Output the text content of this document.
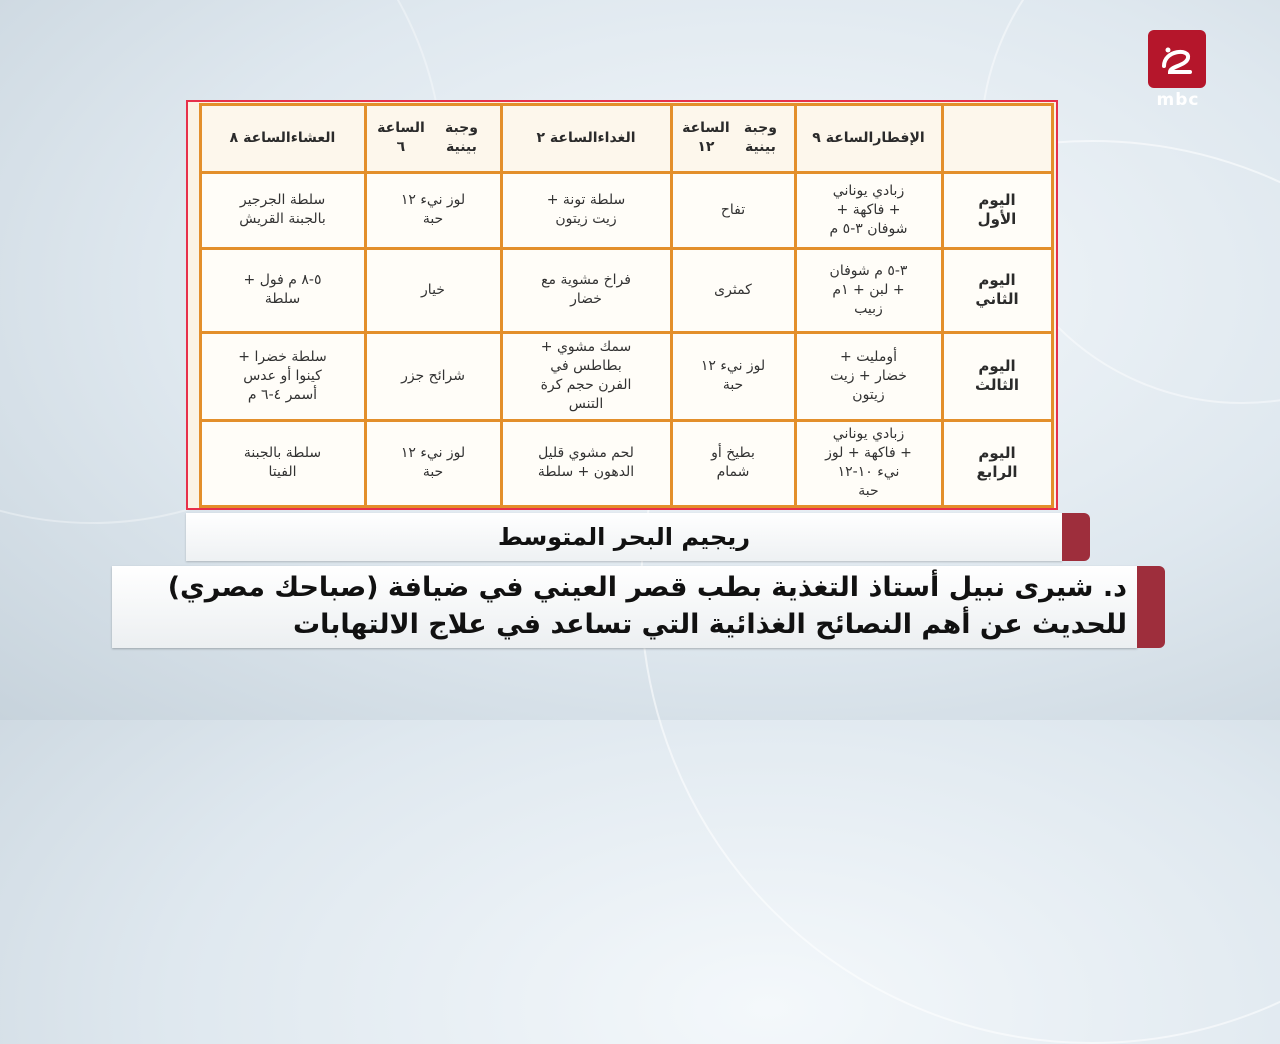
mbc
الإفطار

الساعة ٩
وجبة بينية

الساعة ١٢
الغداء

الساعة ٢
وجبة بينية

الساعة ٦
العشاء

الساعة ٨
اليوم
الأول
زبادي يوناني
+ فاكهة +
شوفان ٣-٥ م
تفاح
سلطة تونة +
زيت زيتون
لوز نيء ١٢
حبة
سلطة الجرجير
بالجبنة القريش
اليوم
الثاني
٣-٥ م شوفان
+ لبن + ١م
زبيب
كمثرى
فراخ مشوية مع
خضار
خيار
٥-٨ م فول +
سلطة
اليوم
الثالث
أومليت +
خضار + زيت
زيتون
لوز نيء ١٢
حبة
سمك مشوي +
بطاطس في
الفرن حجم كرة
التنس
شرائح جزر
سلطة خضرا +
كينوا أو عدس
أسمر ٤-٦ م
اليوم
الرابع
زبادي يوناني
+ فاكهة + لوز
نيء ١٠-١٢
حبة
بطيخ أو
شمام
لحم مشوي قليل
الدهون + سلطة
لوز نيء ١٢
حبة
سلطة بالجبنة
الفيتا
ريجيم البحر المتوسط
د. شيرى نبيل أستاذ التغذية بطب قصر العيني في ضيافة (صباحك مصري)
للحديث عن أهم النصائح الغذائية التي تساعد في علاج الالتهابات
